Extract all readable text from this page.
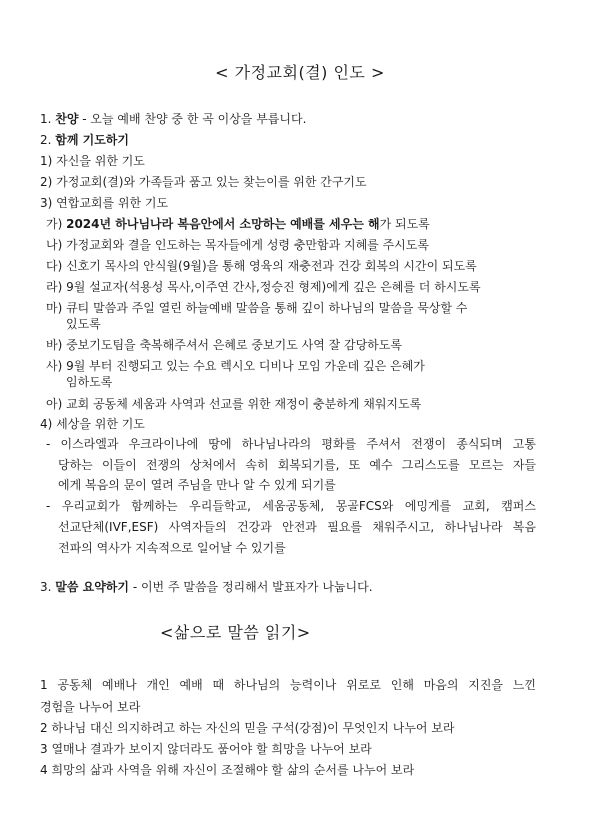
< 가정교회(결) 인도 >
1. 찬양 - 오늘 예배 찬양 중 한 곡 이상을 부릅니다.
2. 함께 기도하기
1) 자신을 위한 기도
2) 가정교회(결)와 가족들과 품고 있는 찾는이를 위한 간구기도
3) 연합교회를 위한 기도
가) 2024년 하나님나라 복음안에서 소망하는 예배를 세우는 해가 되도록
나) 가정교회와 결을 인도하는 목자들에게 성령 충만함과 지혜를 주시도록
다) 신호기 목사의 안식월(9월)을 통해 영육의 재충전과 건강 회복의 시간이 되도록
라) 9월 설교자(석용성 목사,이주연 간사,정승진 형제)에게 깊은 은혜를 더 하시도록
마) 큐티 말씀과 주일 열린 하늘예배 말씀을 통해 깊이 하나님의 말씀을 묵상할 수
있도록
바) 중보기도팀을 축복해주셔서 은혜로 중보기도 사역 잘 감당하도록
사) 9월 부터 진행되고 있는 수요 렉시오 디비나 모임 가운데 깊은 은혜가
임하도록
아) 교회 공동체 세움과 사역과 선교를 위한 재정이 충분하게 채워지도록
4) 세상을 위한 기도
- 이스라엘과 우크라이나에 땅에 하나님나라의 평화를 주셔서 전쟁이 종식되며 고통
당하는 이들이 전쟁의 상처에서 속히 회복되기를, 또 예수 그리스도를 모르는 자들
에게 복음의 문이 열려 주님을 만나 알 수 있게 되기를
- 우리교회가 함께하는 우리들학교, 세움공동체, 몽골FCS와 에밍게를 교회, 캠퍼스
선교단체(IVF,ESF) 사역자들의 건강과 안전과 필요를 채워주시고, 하나님나라 복음
전파의 역사가 지속적으로 일어날 수 있기를
3. 말씀 요약하기 - 이번 주 말씀을 정리해서 발표자가 나눕니다.
<삶으로 말씀 읽기>
1 공동체 예배나 개인 예배 때 하나님의 능력이나 위로로 인해 마음의 지진을 느낀
경험을 나누어 보라
2 하나님 대신 의지하려고 하는 자신의 믿을 구석(강점)이 무엇인지 나누어 보라
3 열매나 결과가 보이지 않더라도 품어야 할 희망을 나누어 보라
4 희망의 삶과 사역을 위해 자신이 조절해야 할 삶의 순서를 나누어 보라
